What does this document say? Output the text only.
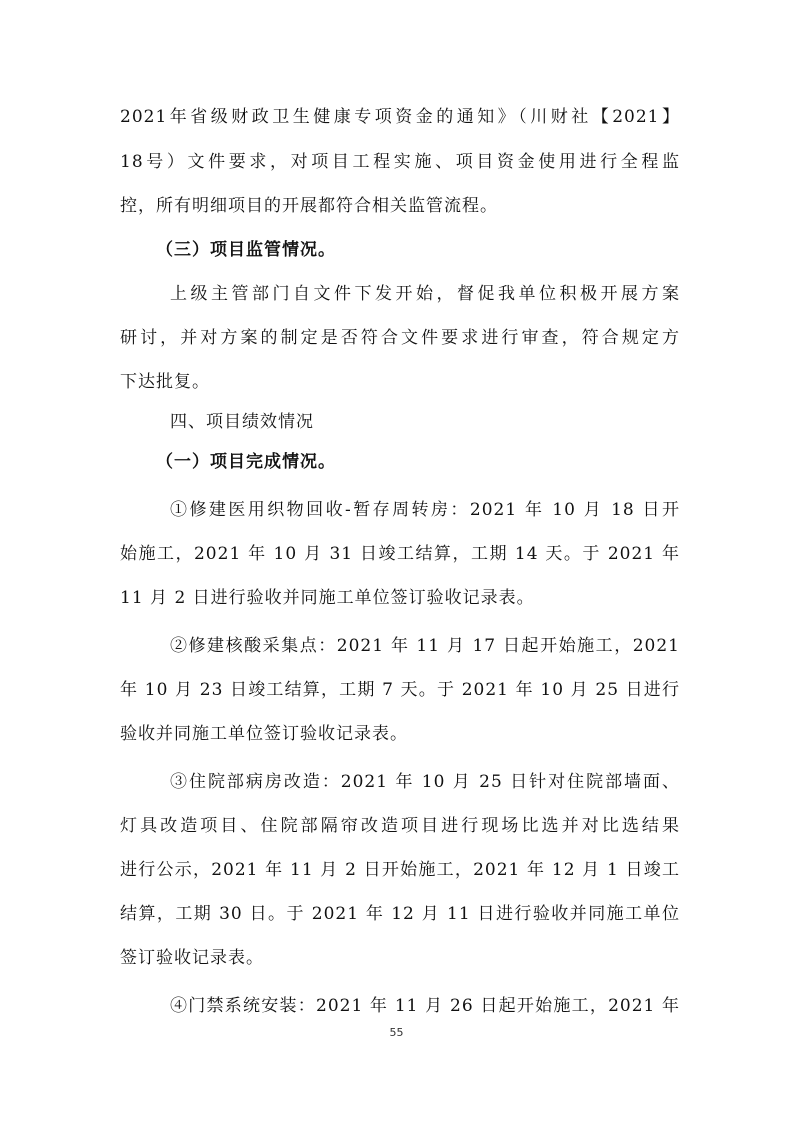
2021年省级财政卫生健康专项资金的通知》（川财社【2021】
18号）文件要求，对项目工程实施、项目资金使用进行全程监
控，所有明细项目的开展都符合相关监管流程。
（三）项目监管情况。
上级主管部门自文件下发开始，督促我单位积极开展方案
研讨，并对方案的制定是否符合文件要求进行审查，符合规定方
下达批复。
四、项目绩效情况
（一）项目完成情况。
①修建医用织物回收-暂存周转房：2021 年 10 月 18 日开
始施工，2021 年 10 月 31 日竣工结算，工期 14 天。于 2021 年
11 月 2 日进行验收并同施工单位签订验收记录表。
②修建核酸采集点：2021 年 11 月 17 日起开始施工，2021
年 10 月 23 日竣工结算，工期 7 天。于 2021 年 10 月 25 日进行
验收并同施工单位签订验收记录表。
③住院部病房改造：2021 年 10 月 25 日针对住院部墙面、
灯具改造项目、住院部隔帘改造项目进行现场比选并对比选结果
进行公示，2021 年 11 月 2 日开始施工，2021 年 12 月 1 日竣工
结算，工期 30 日。于 2021 年 12 月 11 日进行验收并同施工单位
签订验收记录表。
④门禁系统安装：2021 年 11 月 26 日起开始施工，2021 年
55
